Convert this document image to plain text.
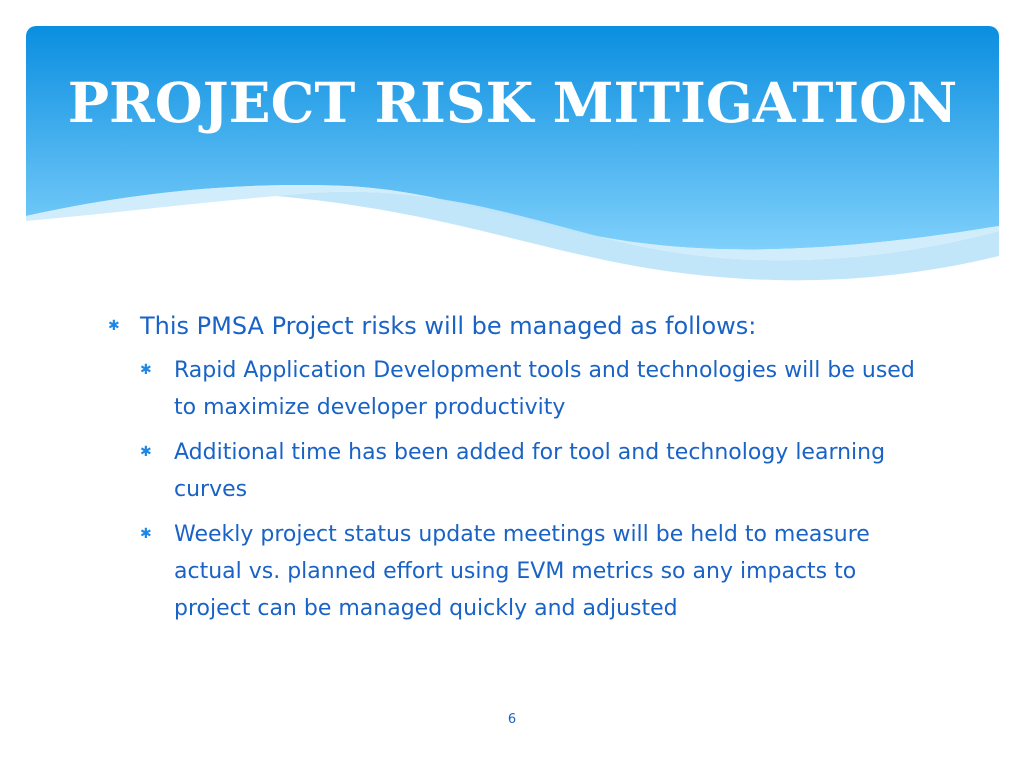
PROJECT RISK MITIGATION
✱ This PMSA Project risks will be managed as follows:
✱ Rapid Application Development tools and technologies will be used to maximize developer productivity
✱ Additional time has been added for tool and technology learning curves
✱ Weekly project status update meetings will be held to measure actual vs. planned effort using EVM metrics so any impacts to project can be managed quickly and adjusted
6
